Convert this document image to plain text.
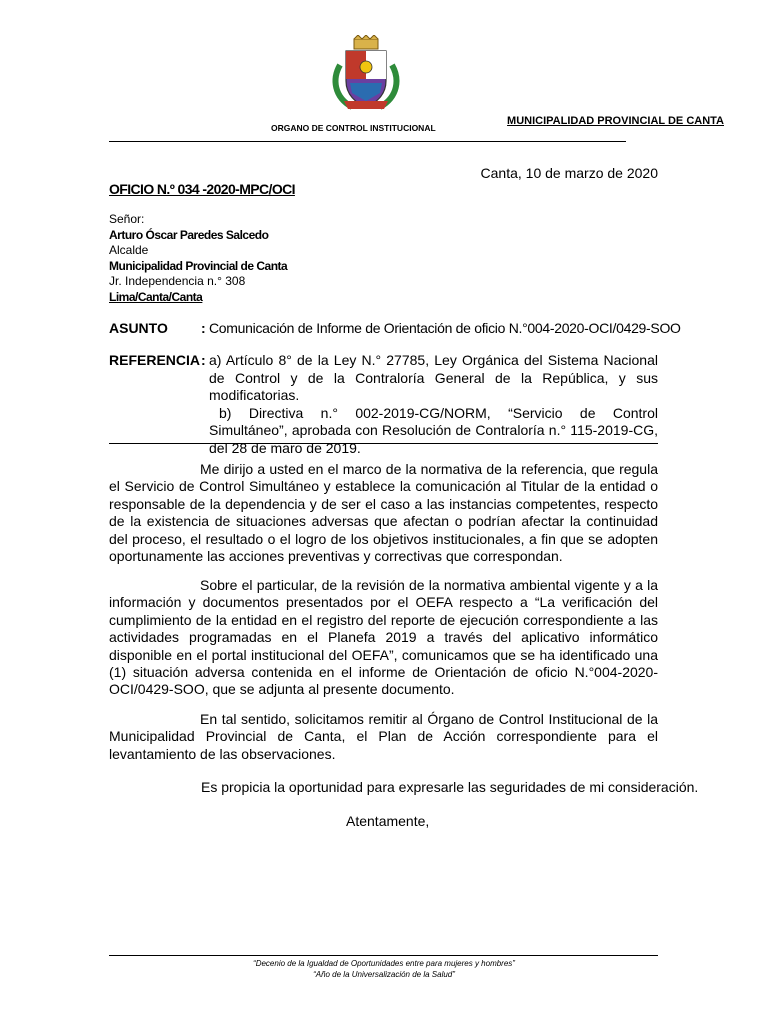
MUNICIPALIDAD PROVINCIAL DE CANTA
ORGANO DE CONTROL INSTITUCIONAL
Canta, 10 de marzo de 2020
OFICIO N.º 034 -2020-MPC/OCI
Señor:
Arturo Óscar Paredes Salcedo
Alcalde
Municipalidad Provincial de Canta
Jr. Independencia n.° 308
Lima/Canta/Canta
ASUNTO : Comunicación de Informe de Orientación de oficio N.°004-2020-OCI/0429-SOO
REFERENCIA : a) Artículo 8° de la Ley N.° 27785, Ley Orgánica del Sistema Nacional de Control y de la Contraloría General de la República, y sus modificatorias.

b) Directiva n.° 002-2019-CG/NORM, “Servicio de Control Simultáneo”, aprobada con Resolución de Contraloría n.° 115-2019-CG, del 28 de maro de 2019.

Me dirijo a usted en el marco de la normativa de la referencia, que regula el Servicio de Control Simultáneo y establece la comunicación al Titular de la entidad o responsable de la dependencia y de ser el caso a las instancias competentes, respecto de la existencia de situaciones adversas que afectan o podrían afectar la continuidad del proceso, el resultado o el logro de los objetivos institucionales, a fin que se adopten oportunamente las acciones preventivas y correctivas que correspondan.

Sobre el particular, de la revisión de la normativa ambiental vigente y a la información y documentos presentados por el OEFA respecto a “La verificación del cumplimiento de la entidad en el registro del reporte de ejecución correspondiente a las actividades programadas en el Planefa 2019 a través del aplicativo informático disponible en el portal institucional del OEFA”, comunicamos que se ha identificado una (1) situación adversa contenida en el informe de Orientación de oficio N.°004-2020-OCI/0429-SOO, que se adjunta al presente documento.

En tal sentido, solicitamos remitir al Órgano de Control Institucional de la Municipalidad Provincial de Canta, el Plan de Acción correspondiente para el levantamiento de las observaciones.

Es propicia la oportunidad para expresarle las seguridades de mi consideración.
Atentamente,
“Decenio de la Igualdad de Oportunidades entre para mujeres y hombres”
“Año de la Universalización de la Salud”
